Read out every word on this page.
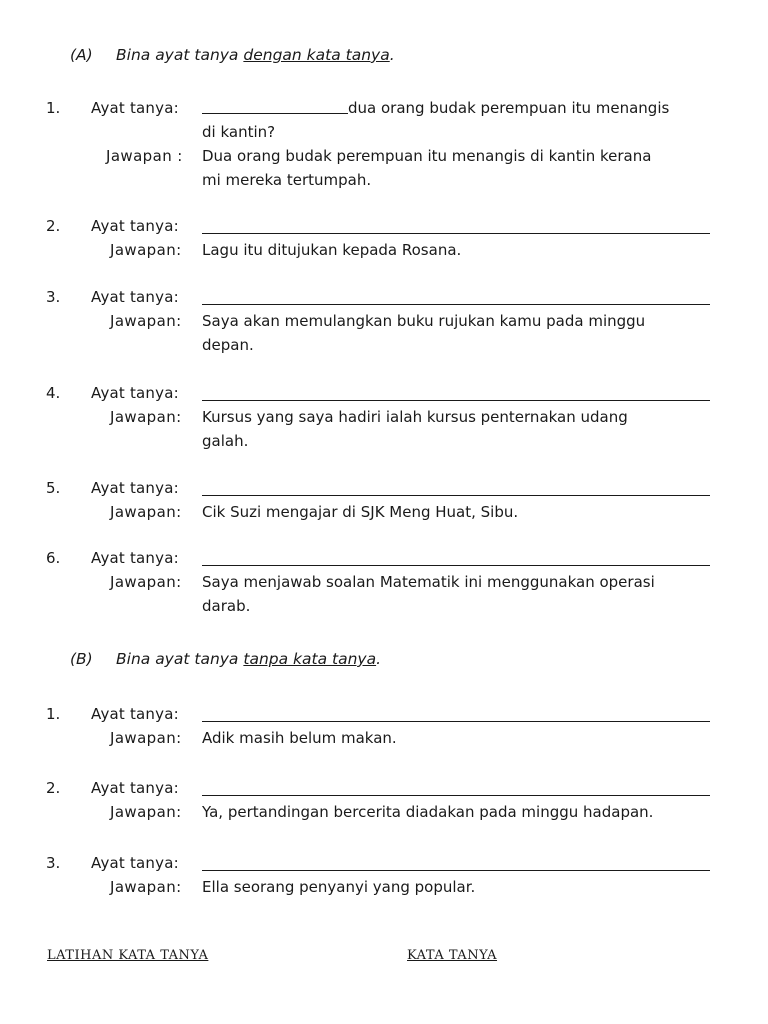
(A) Bina ayat tanya dengan kata tanya.
1. Ayat tanya:	dua orang budak perempuan itu menangis
di kantin?
Jawapan : Dua orang budak perempuan itu menangis di kantin kerana
mi mereka tertumpah.
2. Ayat tanya:
Jawapan:	Lagu itu ditujukan kepada Rosana.
3. Ayat tanya:
Jawapan:	Saya akan memulangkan buku rujukan kamu pada minggu
depan.
4. Ayat tanya:
Jawapan:	Kursus yang saya hadiri ialah kursus penternakan udang
galah.
5. Ayat tanya:
Jawapan:	Cik Suzi mengajar di SJK Meng Huat, Sibu.
6. Ayat tanya:
Jawapan:	Saya menjawab soalan Matematik ini menggunakan operasi
darab.
(B) Bina ayat tanya tanpa kata tanya.
1. Ayat tanya:
Jawapan:	Adik masih belum makan.
2. Ayat tanya:
Jawapan:	Ya, pertandingan bercerita diadakan pada minggu hadapan.
3. Ayat tanya:
Jawapan:	Ella seorang penyanyi yang popular.
LATIHAN KATA TANYA	KATA TANYA
